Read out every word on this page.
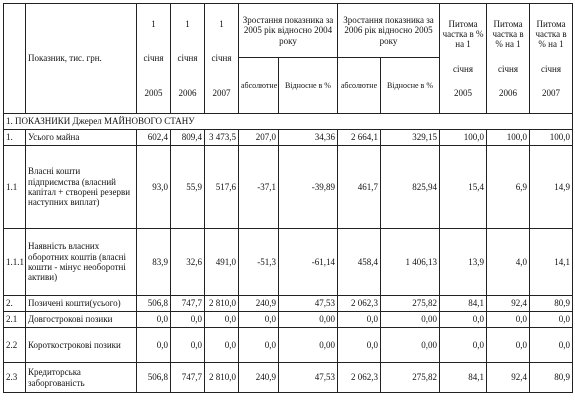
	Показник, тис. грн.	1
січня
2005	1
січня
2006	1
січня
2007	Зростання показника за 2005 рік відносно 2004 року		Зростання показника за 2006 рік відносно 2005 року		Питома частка в % на 1
січня
2005	Питома частка в % на 1
січня
2006	Питома частка в % на 1
січня
2007

					абсолютне	Відносне в %	абсолютне	Відносне в %			
1. ПОКАЗНИКИ Джерел МАЙНОВОГО СТАНУ											
1.	Усього майна	602,4	809,4	3 473,5	207,0	34,36	2 664,1	329,15	100,0	100,0	100,0
1.1	Власні кошти підприємства (власний капітал + створені резерви наступних виплат)	93,0	55,9	517,6	-37,1	-39,89	461,7	825,94	15,4	6,9	14,9
1.1.1	Наявність власних оборотних коштів (власні кошти - мінус необоротні активи)	83,9	32,6	491,0	-51,3	-61,14	458,4	1 406,13	13,9	4,0	14,1
2.	Позичені кошти(усього)	506,8	747,7	2 810,0	240,9	47,53	2 062,3	275,82	84,1	92,4	80,9
2.1	Довгострокові позики	0,0	0,0	0,0	0,0	0,00	0,0	0,00	0,0	0,0	0,0
2.2	Короткострокові позики	0,0	0,0	0,0	0,0	0,00	0,0	0,00	0,0	0,0	0,0
2.3	Кредиторська заборгованість	506,8	747,7	2 810,0	240,9	47,53	2 062,3	275,82	84,1	92,4	80,9
